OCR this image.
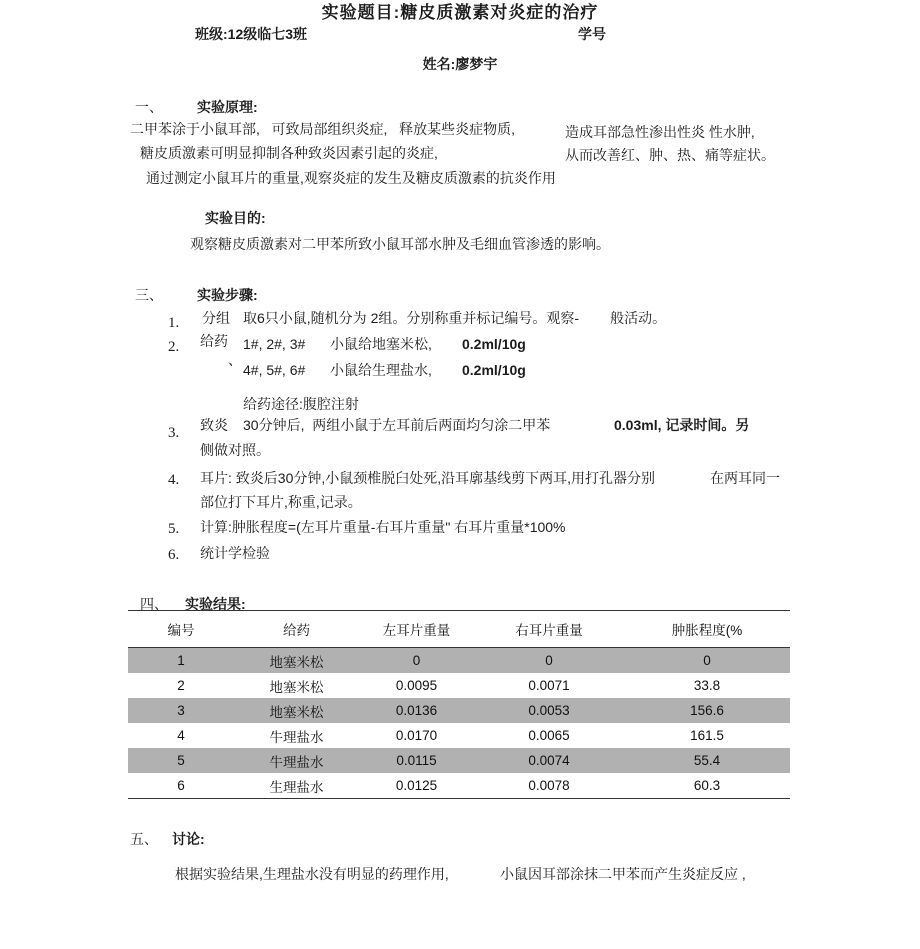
实验题目:糖皮质激素对炎症的治疗
班级:12级临七3班	学号
姓名:廖梦宇
一、 实验原理:
二甲苯涂于小鼠耳部,   可致局部组织炎症,   释放某些炎症物质,	造成耳部急性渗出性炎 性水肿,
糖皮质激素可明显抑制各种致炎因素引起的炎症,	从而改善红、肿、热、痛等症状。
通过测定小鼠耳片的重量,观察炎症的发生及糖皮质激素的抗炎作用
实验目的:
观察糖皮质激素对二甲苯所致小鼠耳部水肿及毛细血管渗透的影响。
三、 实验步骤:
1. 分组 取6只小鼠,随机分为 2组。分别称重并标记编号。观察-        般活动。
2. 给药
、
1#, 2#, 3# 小鼠给地塞米松, 0.2ml/10g
4#, 5#, 6# 小鼠给生理盐水, 0.2ml/10g
给药途径:腹腔注射
3. 致炎 30分钟后,  两组小鼠于左耳前后两面均匀涂二甲苯	0.03ml, 记录时间。另
侧做对照。
4. 耳片: 致炎后30分钟,小鼠颈椎脱臼处死,沿耳廓基线剪下两耳,用打孔器分别	在两耳同一
部位打下耳片,称重,记录。
5. 计算:肿胀程度=(左耳片重量-右耳片重量" 右耳片重量*100%
6. 统计学检验
四、 实验结果:
编号	给药	左耳片重量	右耳片重量	肿胀程度(%
1	地塞米松	0	0	0
2	地塞米松	0.0095	0.0071	33.8
3	地塞米松	0.0136	0.0053	156.6
4	牛理盐水	0.0170	0.0065	161.5
5	牛理盐水	0.0115	0.0074	55.4
6	生理盐水	0.0125	0.0078	60.3
五、 讨论:
根据实验结果,生理盐水没有明显的药理作用,	小鼠因耳部涂抹二甲苯而产生炎症反应 ,
